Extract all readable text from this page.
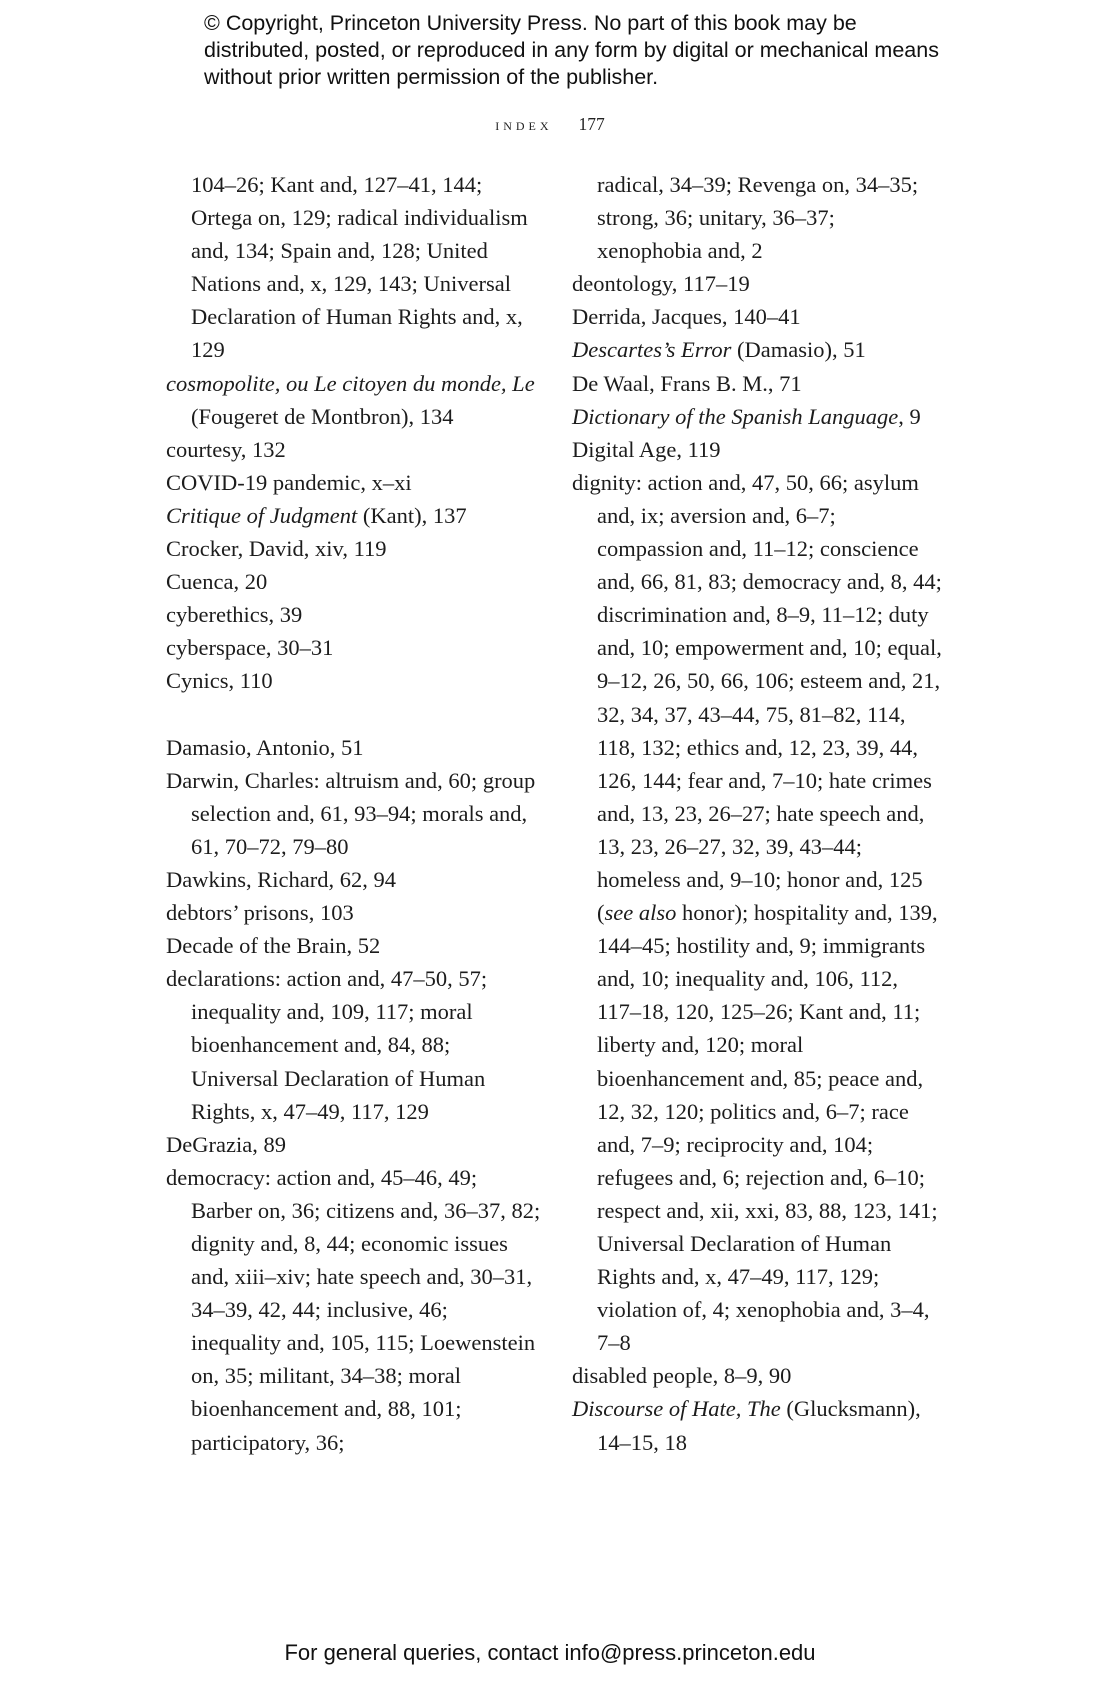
© Copyright, Princeton University Press. No part of this book may be distributed, posted, or reproduced in any form by digital or mechanical means without prior written permission of the publisher.
index 177
104–26; Kant and, 127–41, 144; Ortega on, 129; radical individualism and, 134; Spain and, 128; United Nations and, x, 129, 143; Universal Declaration of Human Rights and, x, 129
cosmopolite, ou Le citoyen du monde, Le (Fougeret de Montbron), 134
courtesy, 132
COVID-19 pandemic, x–xi
Critique of Judgment (Kant), 137
Crocker, David, xiv, 119
Cuenca, 20
cyberethics, 39
cyberspace, 30–31
Cynics, 110
Damasio, Antonio, 51
Darwin, Charles: altruism and, 60; group selection and, 61, 93–94; morals and, 61, 70–72, 79–80
Dawkins, Richard, 62, 94
debtors’ prisons, 103
Decade of the Brain, 52
declarations: action and, 47–50, 57; inequality and, 109, 117; moral bioenhancement and, 84, 88; Universal Declaration of Human Rights, x, 47–49, 117, 129
DeGrazia, 89
democracy: action and, 45–46, 49; Barber on, 36; citizens and, 36–37, 82; dignity and, 8, 44; economic issues and, xiii–xiv; hate speech and, 30–31, 34–39, 42, 44; inclusive, 46; inequality and, 105, 115; Loewenstein on, 35; militant, 34–38; moral bioenhancement and, 88, 101; participatory, 36;
radical, 34–39; Revenga on, 34–35; strong, 36; unitary, 36–37; xenophobia and, 2
deontology, 117–19
Derrida, Jacques, 140–41
Descartes’s Error (Damasio), 51
De Waal, Frans B. M., 71
Dictionary of the Spanish Language, 9
Digital Age, 119
dignity: action and, 47, 50, 66; asylum and, ix; aversion and, 6–7; compassion and, 11–12; conscience and, 66, 81, 83; democracy and, 8, 44; discrimination and, 8–9, 11–12; duty and, 10; empowerment and, 10; equal, 9–12, 26, 50, 66, 106; esteem and, 21, 32, 34, 37, 43–44, 75, 81–82, 114, 118, 132; ethics and, 12, 23, 39, 44, 126, 144; fear and, 7–10; hate crimes and, 13, 23, 26–27; hate speech and, 13, 23, 26–27, 32, 39, 43–44; homeless and, 9–10; honor and, 125 (see also honor); hospitality and, 139, 144–45; hostility and, 9; immigrants and, 10; inequality and, 106, 112, 117–18, 120, 125–26; Kant and, 11; liberty and, 120; moral bioenhancement and, 85; peace and, 12, 32, 120; politics and, 6–7; race and, 7–9; reciprocity and, 104; refugees and, 6; rejection and, 6–10; respect and, xii, xxi, 83, 88, 123, 141; Universal Declaration of Human Rights and, x, 47–49, 117, 129; violation of, 4; xenophobia and, 3–4, 7–8
disabled people, 8–9, 90
Discourse of Hate, The (Glucksmann), 14–15, 18
For general queries, contact info@press.princeton.edu
